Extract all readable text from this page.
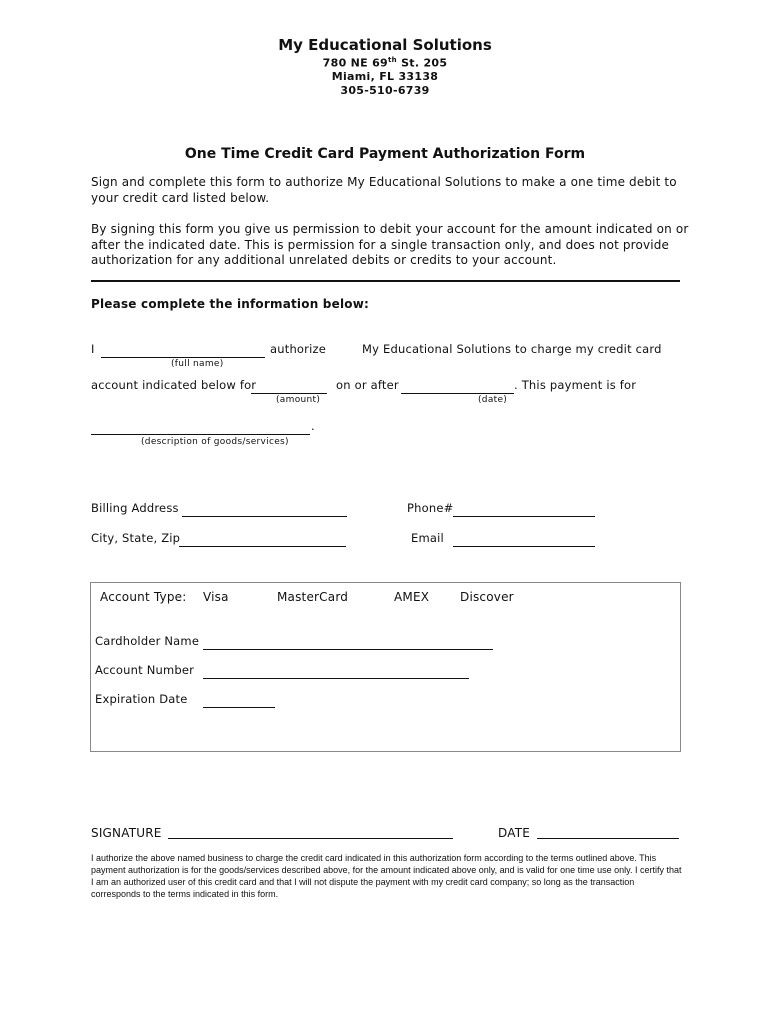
My Educational Solutions
780 NE 69th St. 205
Miami, FL 33138
305-510-6739
One Time Credit Card Payment Authorization Form
Sign and complete this form to authorize My Educational Solutions to make a one time debit to your credit card listed below.
By signing this form you give us permission to debit your account for the amount indicated on or after the indicated date. This is permission for a single transaction only, and does not provide authorization for any additional unrelated debits or credits to your account.
Please complete the information below:
I	authorize	My Educational Solutions to charge my credit card
(full name)
account indicated below for	on or after	. This payment is for
(amount)	(date)
.
(description of goods/services)
Billing Address	Phone#
City, State, Zip	Email
Account Type: Visa	MasterCard	AMEX	Discover
Cardholder Name
Account Number
Expiration Date
SIGNATURE	DATE
I authorize the above named business to charge the credit card indicated in this authorization form according to the terms outlined above. This payment authorization is for the goods/services described above, for the amount indicated above only, and is valid for one time use only. I certify that I am an authorized user of this credit card and that I will not dispute the payment with my credit card company; so long as the transaction corresponds to the terms indicated in this form.
